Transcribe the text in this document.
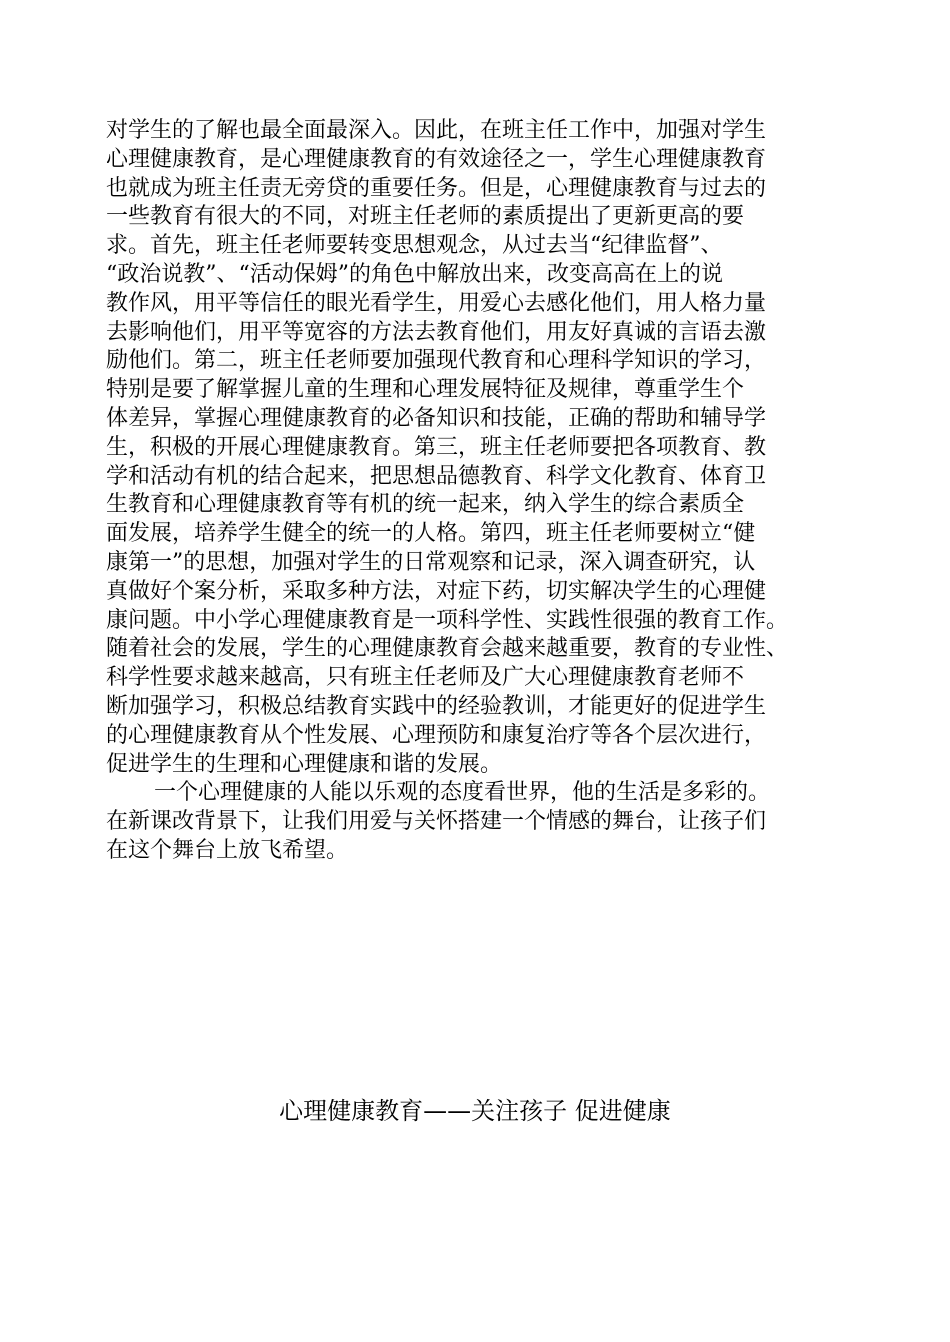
对学生的了解也最全面最深入。因此，在班主任工作中，加强对学生
心理健康教育，是心理健康教育的有效途径之一，学生心理健康教育
也就成为班主任责无旁贷的重要任务。但是，心理健康教育与过去的
一些教育有很大的不同，对班主任老师的素质提出了更新更高的要
求。首先，班主任老师要转变思想观念，从过去当“纪律监督”、
“政治说教”、“活动保姆”的角色中解放出来，改变高高在上的说
教作风，用平等信任的眼光看学生，用爱心去感化他们，用人格力量
去影响他们，用平等宽容的方法去教育他们，用友好真诚的言语去激
励他们。第二，班主任老师要加强现代教育和心理科学知识的学习，
特别是要了解掌握儿童的生理和心理发展特征及规律，尊重学生个
体差异，掌握心理健康教育的必备知识和技能，正确的帮助和辅导学
生，积极的开展心理健康教育。第三，班主任老师要把各项教育、教
学和活动有机的结合起来，把思想品德教育、科学文化教育、体育卫
生教育和心理健康教育等有机的统一起来，纳入学生的综合素质全
面发展，培养学生健全的统一的人格。第四，班主任老师要树立“健
康第一”的思想，加强对学生的日常观察和记录，深入调查研究，认
真做好个案分析，采取多种方法，对症下药，切实解决学生的心理健
康问题。中小学心理健康教育是一项科学性、实践性很强的教育工作。
随着社会的发展，学生的心理健康教育会越来越重要，教育的专业性、
科学性要求越来越高，只有班主任老师及广大心理健康教育老师不
断加强学习，积极总结教育实践中的经验教训，才能更好的促进学生
的心理健康教育从个性发展、心理预防和康复治疗等各个层次进行，
促进学生的生理和心理健康和谐的发展。
一个心理健康的人能以乐观的态度看世界，他的生活是多彩的。
在新课改背景下，让我们用爱与关怀搭建一个情感的舞台，让孩子们
在这个舞台上放飞希望。
心理健康教育——关注孩子 促进健康
